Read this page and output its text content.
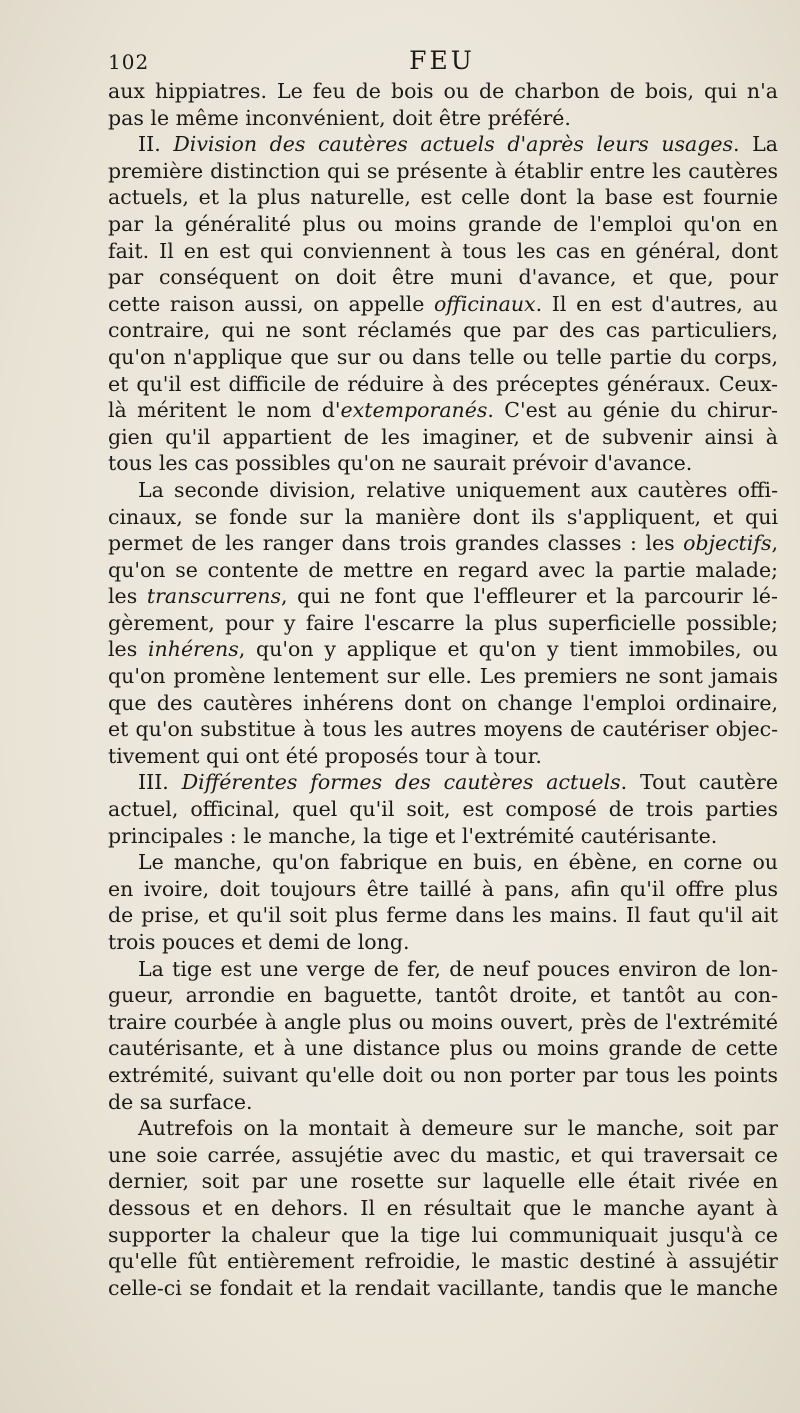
102	FEU
aux hippiatres. Le feu de bois ou de charbon de bois, qui n'a
pas le même inconvénient, doit être préféré.
II. Division des cautères actuels d'après leurs usages. La
première distinction qui se présente à établir entre les cautères
actuels, et la plus naturelle, est celle dont la base est fournie
par la généralité plus ou moins grande de l'emploi qu'on en
fait. Il en est qui conviennent à tous les cas en général, dont
par conséquent on doit être muni d'avance, et que, pour
cette raison aussi, on appelle officinaux. Il en est d'autres, au
contraire, qui ne sont réclamés que par des cas particuliers,
qu'on n'applique que sur ou dans telle ou telle partie du corps,
et qu'il est difficile de réduire à des préceptes généraux. Ceux-
là méritent le nom d'extemporanés. C'est au génie du chirur-
gien qu'il appartient de les imaginer, et de subvenir ainsi à
tous les cas possibles qu'on ne saurait prévoir d'avance.
La seconde division, relative uniquement aux cautères offi-
cinaux, se fonde sur la manière dont ils s'appliquent, et qui
permet de les ranger dans trois grandes classes : les objectifs,
qu'on se contente de mettre en regard avec la partie malade;
les transcurrens, qui ne font que l'effleurer et la parcourir lé-
gèrement, pour y faire l'escarre la plus superficielle possible;
les inhérens, qu'on y applique et qu'on y tient immobiles, ou
qu'on promène lentement sur elle. Les premiers ne sont jamais
que des cautères inhérens dont on change l'emploi ordinaire,
et qu'on substitue à tous les autres moyens de cautériser objec-
tivement qui ont été proposés tour à tour.
III. Différentes formes des cautères actuels. Tout cautère
actuel, officinal, quel qu'il soit, est composé de trois parties
principales : le manche, la tige et l'extrémité cautérisante.
Le manche, qu'on fabrique en buis, en ébène, en corne ou
en ivoire, doit toujours être taillé à pans, afin qu'il offre plus
de prise, et qu'il soit plus ferme dans les mains. Il faut qu'il ait
trois pouces et demi de long.
La tige est une verge de fer, de neuf pouces environ de lon-
gueur, arrondie en baguette, tantôt droite, et tantôt au con-
traire courbée à angle plus ou moins ouvert, près de l'extrémité
cautérisante, et à une distance plus ou moins grande de cette
extrémité, suivant qu'elle doit ou non porter par tous les points
de sa surface.
Autrefois on la montait à demeure sur le manche, soit par
une soie carrée, assujétie avec du mastic, et qui traversait ce
dernier, soit par une rosette sur laquelle elle était rivée en
dessous et en dehors. Il en résultait que le manche ayant à
supporter la chaleur que la tige lui communiquait jusqu'à ce
qu'elle fût entièrement refroidie, le mastic destiné à assujétir
celle-ci se fondait et la rendait vacillante, tandis que le manche
